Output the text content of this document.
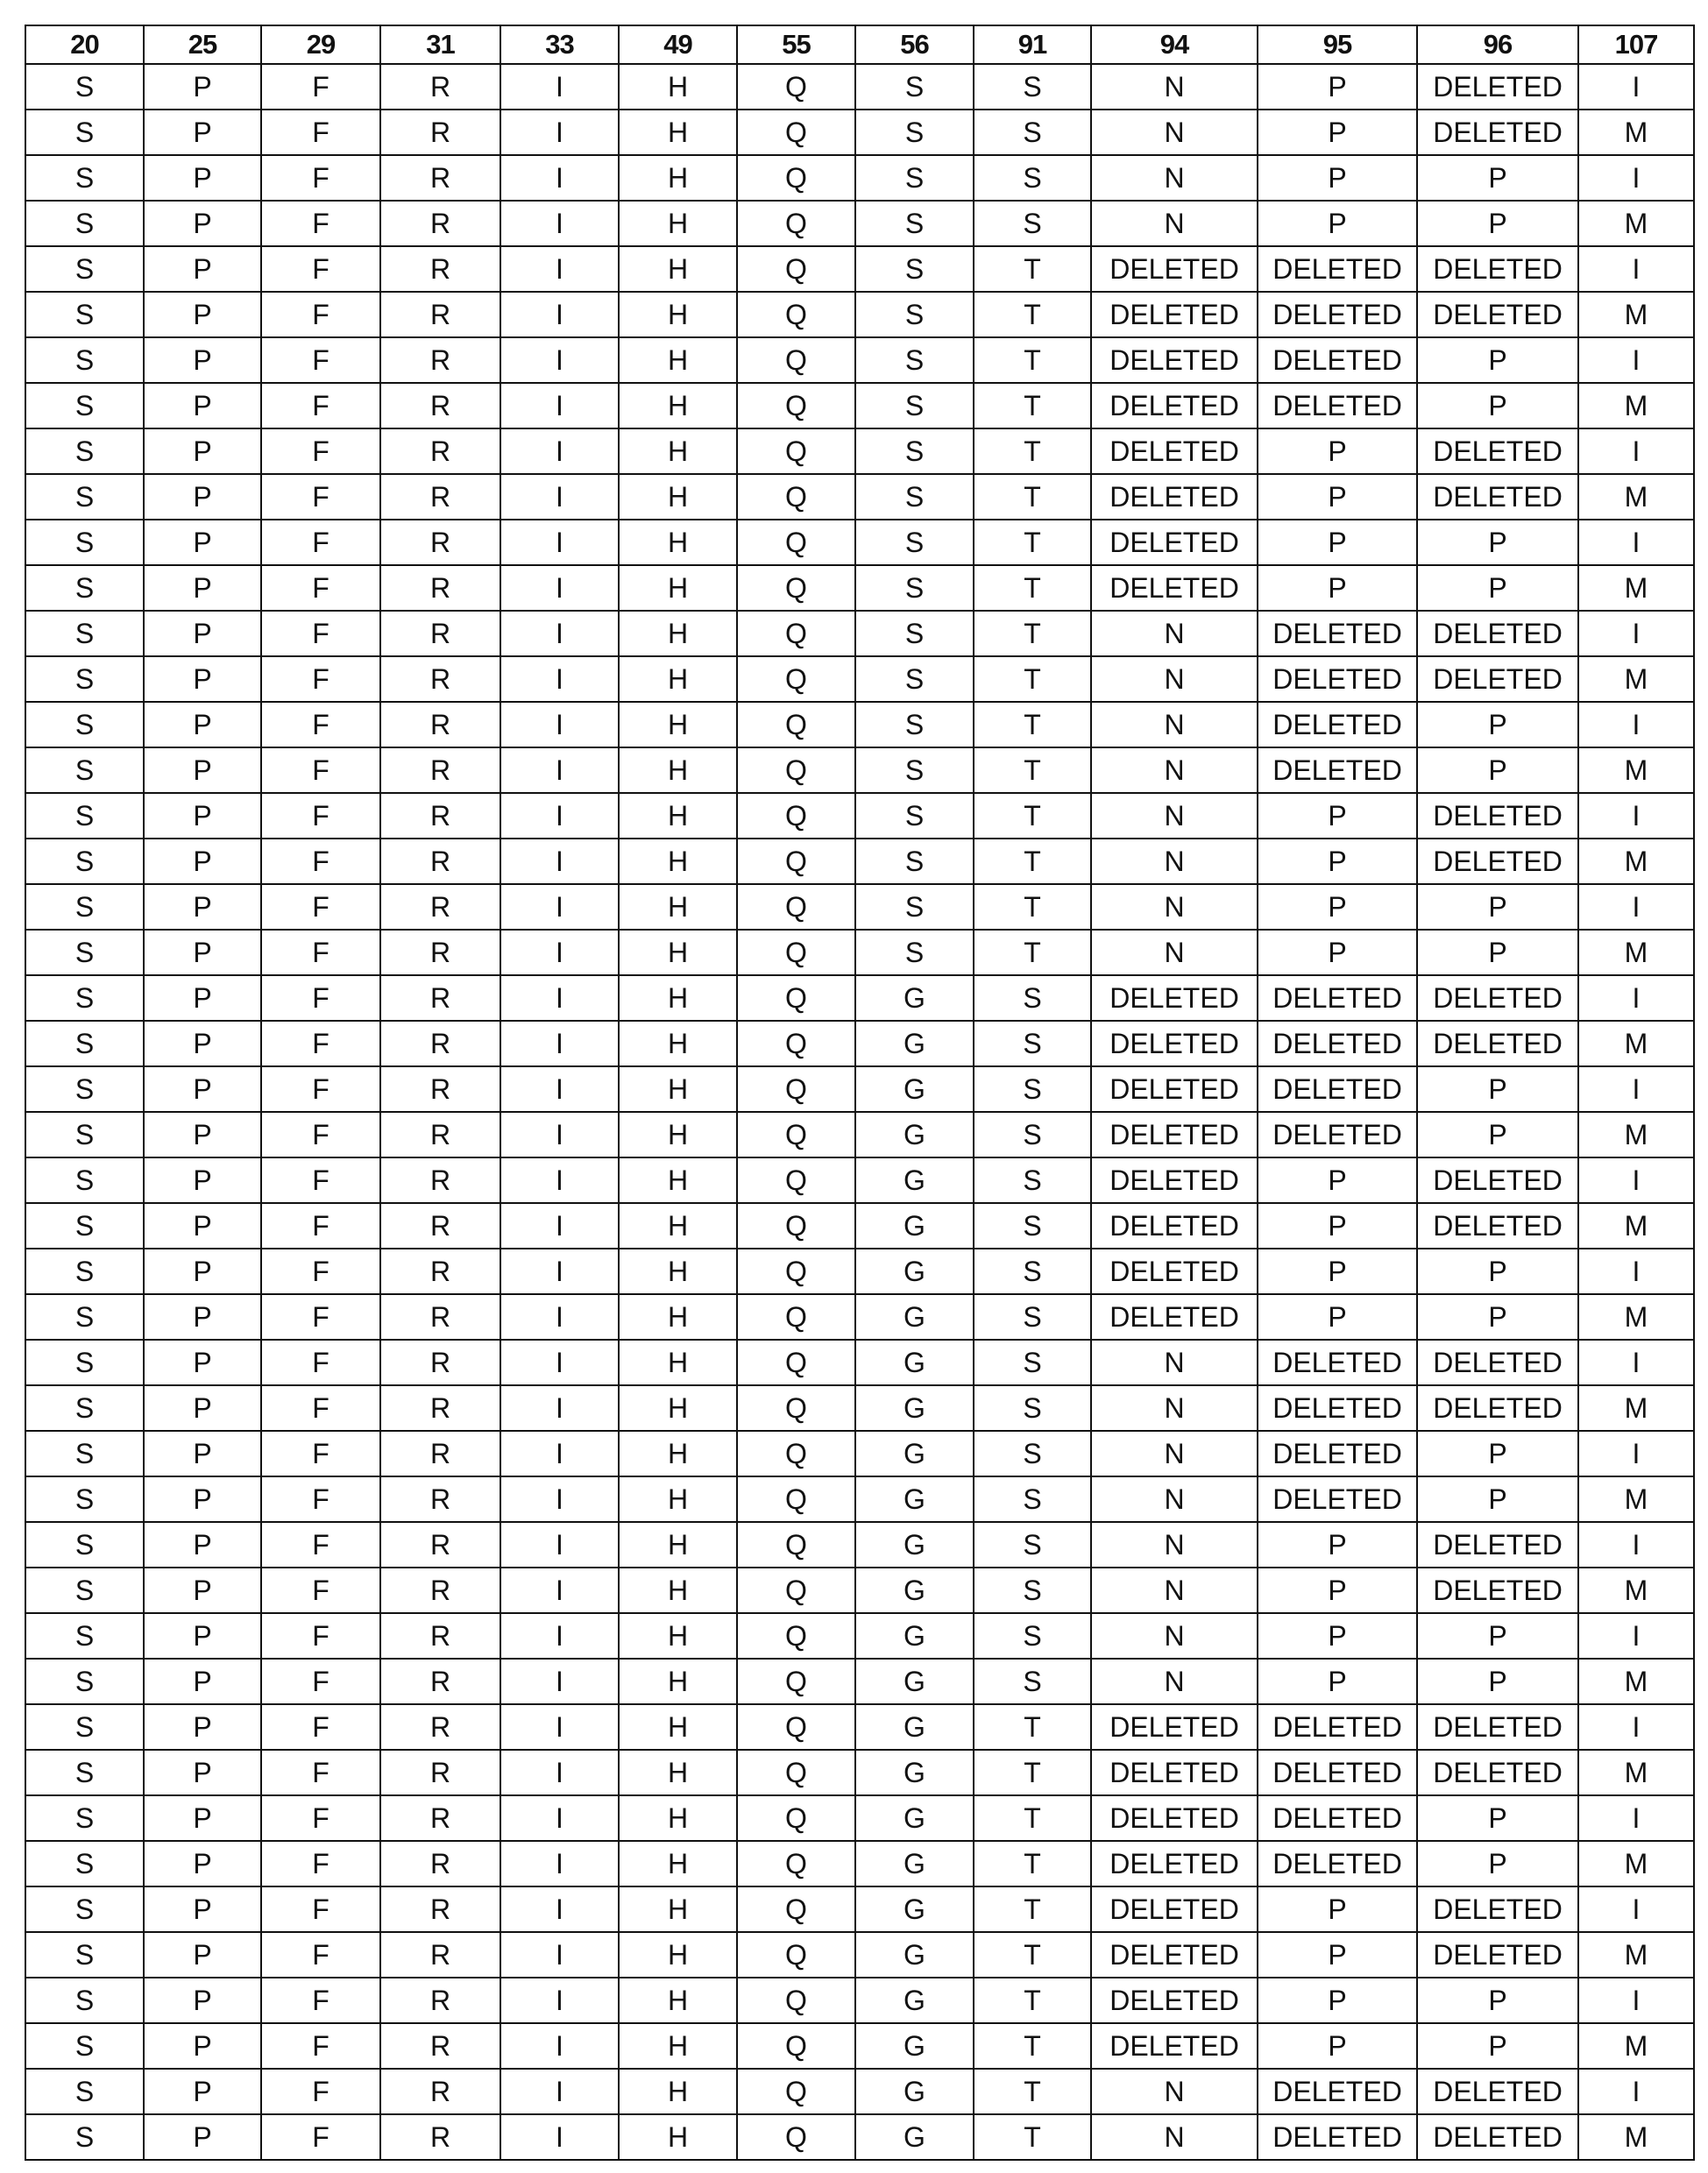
20	25	29	31	33	49	55	56	91	94	95	96	107
S	P	F	R	I	H	Q	S	S	N	P	DELETED	I
S	P	F	R	I	H	Q	S	S	N	P	DELETED	M
S	P	F	R	I	H	Q	S	S	N	P	P	I
S	P	F	R	I	H	Q	S	S	N	P	P	M
S	P	F	R	I	H	Q	S	T	DELETED	DELETED	DELETED	I
S	P	F	R	I	H	Q	S	T	DELETED	DELETED	DELETED	M
S	P	F	R	I	H	Q	S	T	DELETED	DELETED	P	I
S	P	F	R	I	H	Q	S	T	DELETED	DELETED	P	M
S	P	F	R	I	H	Q	S	T	DELETED	P	DELETED	I
S	P	F	R	I	H	Q	S	T	DELETED	P	DELETED	M
S	P	F	R	I	H	Q	S	T	DELETED	P	P	I
S	P	F	R	I	H	Q	S	T	DELETED	P	P	M
S	P	F	R	I	H	Q	S	T	N	DELETED	DELETED	I
S	P	F	R	I	H	Q	S	T	N	DELETED	DELETED	M
S	P	F	R	I	H	Q	S	T	N	DELETED	P	I
S	P	F	R	I	H	Q	S	T	N	DELETED	P	M
S	P	F	R	I	H	Q	S	T	N	P	DELETED	I
S	P	F	R	I	H	Q	S	T	N	P	DELETED	M
S	P	F	R	I	H	Q	S	T	N	P	P	I
S	P	F	R	I	H	Q	S	T	N	P	P	M
S	P	F	R	I	H	Q	G	S	DELETED	DELETED	DELETED	I
S	P	F	R	I	H	Q	G	S	DELETED	DELETED	DELETED	M
S	P	F	R	I	H	Q	G	S	DELETED	DELETED	P	I
S	P	F	R	I	H	Q	G	S	DELETED	DELETED	P	M
S	P	F	R	I	H	Q	G	S	DELETED	P	DELETED	I
S	P	F	R	I	H	Q	G	S	DELETED	P	DELETED	M
S	P	F	R	I	H	Q	G	S	DELETED	P	P	I
S	P	F	R	I	H	Q	G	S	DELETED	P	P	M
S	P	F	R	I	H	Q	G	S	N	DELETED	DELETED	I
S	P	F	R	I	H	Q	G	S	N	DELETED	DELETED	M
S	P	F	R	I	H	Q	G	S	N	DELETED	P	I
S	P	F	R	I	H	Q	G	S	N	DELETED	P	M
S	P	F	R	I	H	Q	G	S	N	P	DELETED	I
S	P	F	R	I	H	Q	G	S	N	P	DELETED	M
S	P	F	R	I	H	Q	G	S	N	P	P	I
S	P	F	R	I	H	Q	G	S	N	P	P	M
S	P	F	R	I	H	Q	G	T	DELETED	DELETED	DELETED	I
S	P	F	R	I	H	Q	G	T	DELETED	DELETED	DELETED	M
S	P	F	R	I	H	Q	G	T	DELETED	DELETED	P	I
S	P	F	R	I	H	Q	G	T	DELETED	DELETED	P	M
S	P	F	R	I	H	Q	G	T	DELETED	P	DELETED	I
S	P	F	R	I	H	Q	G	T	DELETED	P	DELETED	M
S	P	F	R	I	H	Q	G	T	DELETED	P	P	I
S	P	F	R	I	H	Q	G	T	DELETED	P	P	M
S	P	F	R	I	H	Q	G	T	N	DELETED	DELETED	I
S	P	F	R	I	H	Q	G	T	N	DELETED	DELETED	M
